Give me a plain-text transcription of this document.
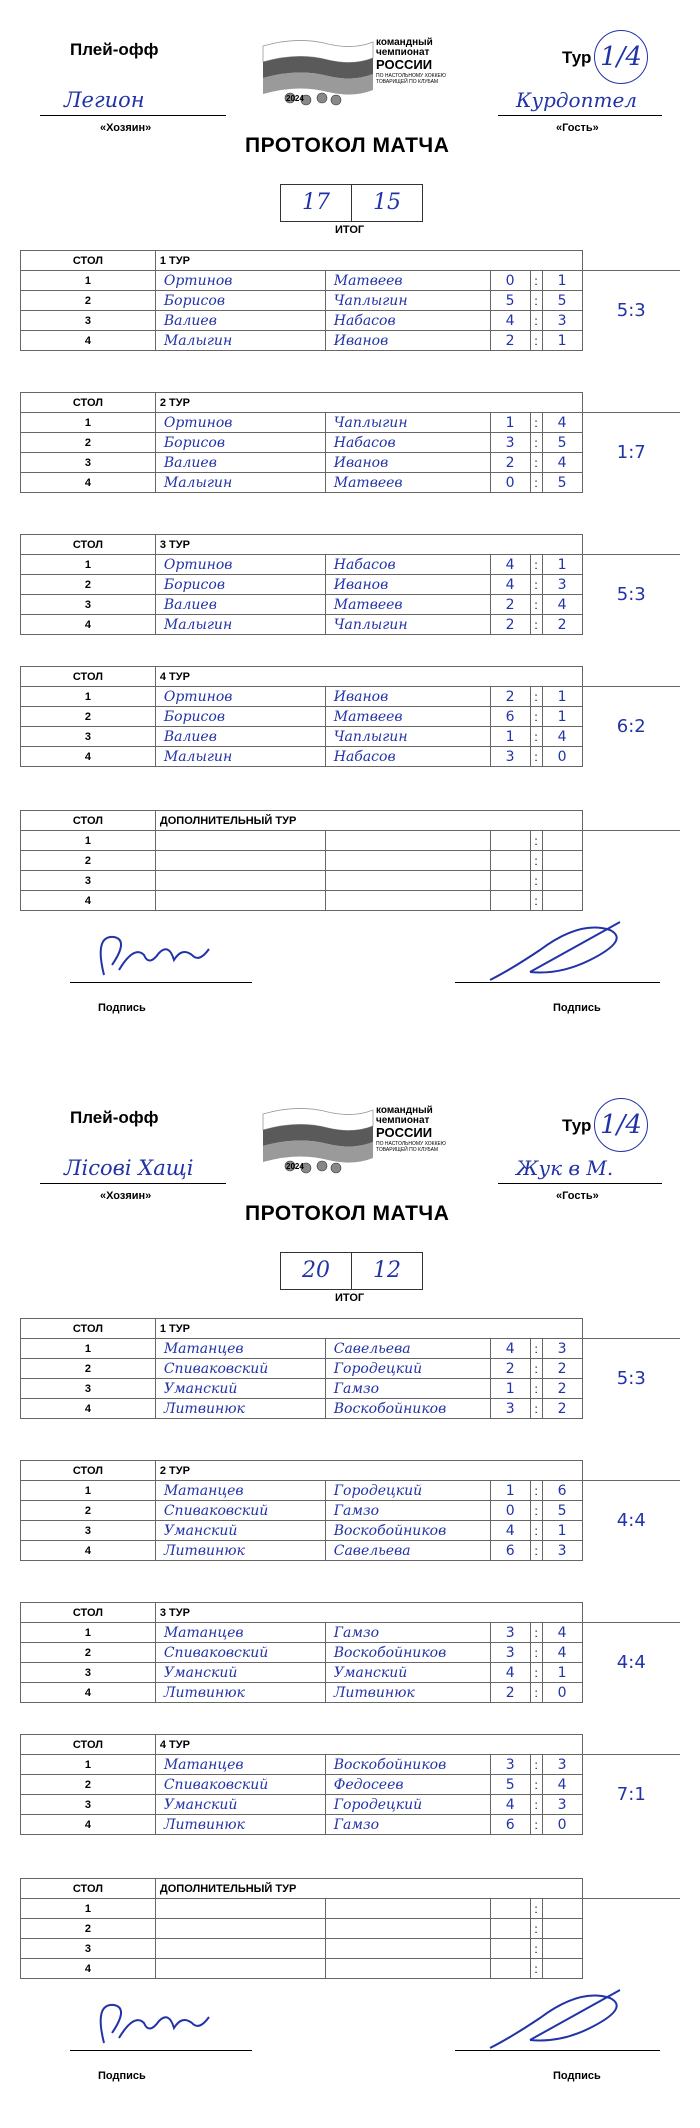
Плей-офф	командный
чемпионат
РОССИИ
ПО НАСТОЛЬНОМУ ХОККЕЮ
ТОВАРИЩЕЙ ПО КЛУБАМ
2024
Тур 1/4
Легион
«Хозяин»
Курдоптел
«Гость»
ПРОТОКОЛ МАТЧА
17	15
ИТОГ
СТОЛ	1 ТУР					
1	Ортинов	Матвеев	0	:	1	5:3
2	Борисов	Чаплыгин	5	:	5	
3	Валиев	Набасов	4	:	3	
4	Малыгин	Иванов	2	:	1	
СТОЛ	2 ТУР					
1	Ортинов	Чаплыгин	1	:	4	1:7
2	Борисов	Набасов	3	:	5	
3	Валиев	Иванов	2	:	4	
4	Малыгин	Матвеев	0	:	5	
СТОЛ	3 ТУР					
1	Ортинов	Набасов	4	:	1	5:3
2	Борисов	Иванов	4	:	3	
3	Валиев	Матвеев	2	:	4	
4	Малыгин	Чаплыгин	2	:	2	
СТОЛ	4 ТУР					
1	Ортинов	Иванов	2	:	1	6:2
2	Борисов	Матвеев	6	:	1	
3	Валиев	Чаплыгин	1	:	4	
4	Малыгин	Набасов	3	:	0	
СТОЛ	ДОПОЛНИТЕЛЬНЫЙ ТУР					
1				:		
2				:		
3				:		
4				:		
Подпись	Подпись
Плей-офф	командный
чемпионат
РОССИИ
ПО НАСТОЛЬНОМУ ХОККЕЮ
ТОВАРИЩЕЙ ПО КЛУБАМ
2024
Тур 1/4
Лісові Хащі
«Хозяин»
Жук в М.
«Гость»
ПРОТОКОЛ МАТЧА
20	12
ИТОГ
СТОЛ	1 ТУР					
1	Матанцев	Савельева	4	:	3	5:3
2	Спиваковский	Городецкий	2	:	2	
3	Уманский	Гамзо	1	:	2	
4	Литвинюк	Воскобойников	3	:	2	
СТОЛ	2 ТУР					
1	Матанцев	Городецкий	1	:	6	4:4
2	Спиваковский	Гамзо	0	:	5	
3	Уманский	Воскобойников	4	:	1	
4	Литвинюк	Савельева	6	:	3	
СТОЛ	3 ТУР					
1	Матанцев	Гамзо	3	:	4	4:4
2	Спиваковский	Воскобойников	3	:	4	
3	Уманский	Уманский	4	:	1	
4	Литвинюк	Литвинюк	2	:	0	
СТОЛ	4 ТУР					
1	Матанцев	Воскобойников	3	:	3	7:1
2	Спиваковский	Федосеев	5	:	4	
3	Уманский	Городецкий	4	:	3	
4	Литвинюк	Гамзо	6	:	0	
СТОЛ	ДОПОЛНИТЕЛЬНЫЙ ТУР					
1				:		
2				:		
3				:		
4				:		
Подпись	Подпись
